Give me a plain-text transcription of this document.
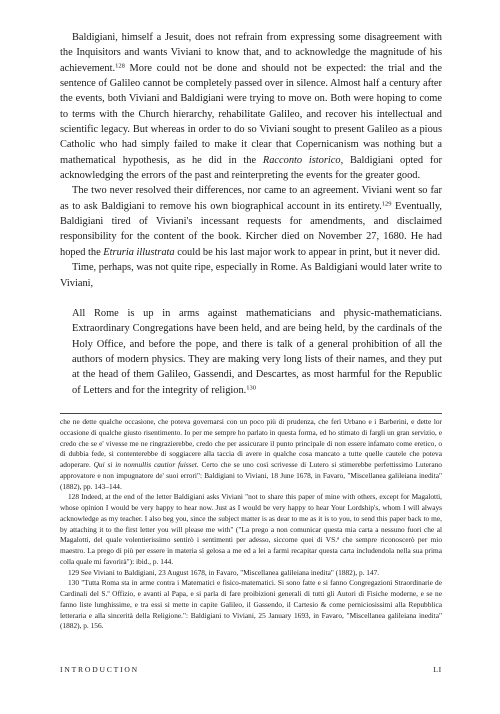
Baldigiani, himself a Jesuit, does not refrain from expressing some disagreement with the Inquisitors and wants Viviani to know that, and to acknowledge the magnitude of his achievement.$^{128}$ More could not be done and should not be expected: the trial and the sentence of Galileo cannot be completely passed over in silence. Almost half a century after the events, both Viviani and Baldigiani were trying to move on. Both were hoping to come to terms with the Church hierarchy, rehabilitate Galileo, and recover his intellectual and scientific legacy. But whereas in order to do so Viviani sought to present Galileo as a pious Catholic who had simply failed to make it clear that Copernicanism was nothing but a mathematical hypothesis, as he did in the Racconto istorico, Baldigiani opted for acknowledging the errors of the past and reinterpreting the events for the greater good.

The two never resolved their differences, nor came to an agreement. Viviani went so far as to ask Baldigiani to remove his own biographical account in its entirety.$^{129}$ Eventually, Baldigiani tired of Viviani's incessant requests for amendments, and disclaimed responsibility for the content of the book. Kircher died on November 27, 1680. He had hoped the Etruria illustrata could be his last major work to appear in print, but it never did.

Time, perhaps, was not quite ripe, especially in Rome. As Baldigiani would later write to Viviani,

All Rome is up in arms against mathematicians and physic-mathematicians. Extraordinary Congregations have been held, and are being held, by the cardinals of the Holy Office, and before the pope, and there is talk of a general prohibition of all the authors of modern physics. They are making very long lists of their names, and they put at the head of them Galileo, Gassendi, and Descartes, as most harmful for the Republic of Letters and for the integrity of religion.$^{130}$

che ne dette qualche occasione, che poteva governarsi con un poco più di prudenza, che ferì Urbano e i Barberini, e dette lor occasione di qualche giusto risentimento. Io per me sempre ho parlato in questa forma, ed ho stimato di fargli un gran servizio, e credo che se e' vivesse me ne ringrazierebbe, credo che per assicurare il punto principale di non essere infamato come eretico, o di dubbia fede, si contenterebbe di soggiacere alla taccia di avere in qualche cosa mancato a tutte quelle cautele che poteva adoperare. Qui si in nonnullis cautior fuisset. Certo che se uno così scrivesse di Lutero si stimerebbe perfettissimo Luterano approvatore e non impugnatore de' suoi errori": Baldigiani to Viviani, 18 June 1678, in Favaro, "Miscellanea galileiana inedita" (1882), pp. 143–144.

128 Indeed, at the end of the letter Baldigiani asks Viviani "not to share this paper of mine with others, except for Magalotti, whose opinion I would be very happy to hear now. Just as I would be very happy to hear Your Lordship's, whom I will always acknowledge as my teacher. I also beg you, since the subject matter is as dear to me as it is to you, to send this paper back to me, by attaching it to the first letter you will please me with" ("La prego a non comunicar questa mia carta a nessuno fuori che al Magalotti, del quale volentierissimo sentirò i sentimenti per adesso, siccome quei di VS.ª che sempre riconoscerò per mio maestro. La prego di più per essere in materia sì gelosa a me ed a lei a farmi recapitar questa carta includendola nella sua prima colla quale mi favorirà"): ibid., p. 144.

129 See Viviani to Baldigiani, 23 August 1678, in Favaro, "Miscellanea galileiana inedita" (1882), p. 147.

130 "Tutta Roma sta in arme contra i Matematici e fisico-matematici. Si sono fatte e si fanno Congregazioni Straordinarie de Cardinali del S.º Offizio, e avanti al Papa, e si parla di fare proibizioni generali di tutti gli Autori di Fisiche moderne, e se ne fanno liste lunghissime, e tra essi si mette in capite Galileo, il Gassendo, il Cartesio & come perniciosissimi alla Repubblica letteraria e alla sincerità della Religione.": Baldigiani to Viviani, 25 January 1693, in Favaro, "Miscellanea galileiana inedita" (1882), p. 156.

INTRODUCTION	LI
